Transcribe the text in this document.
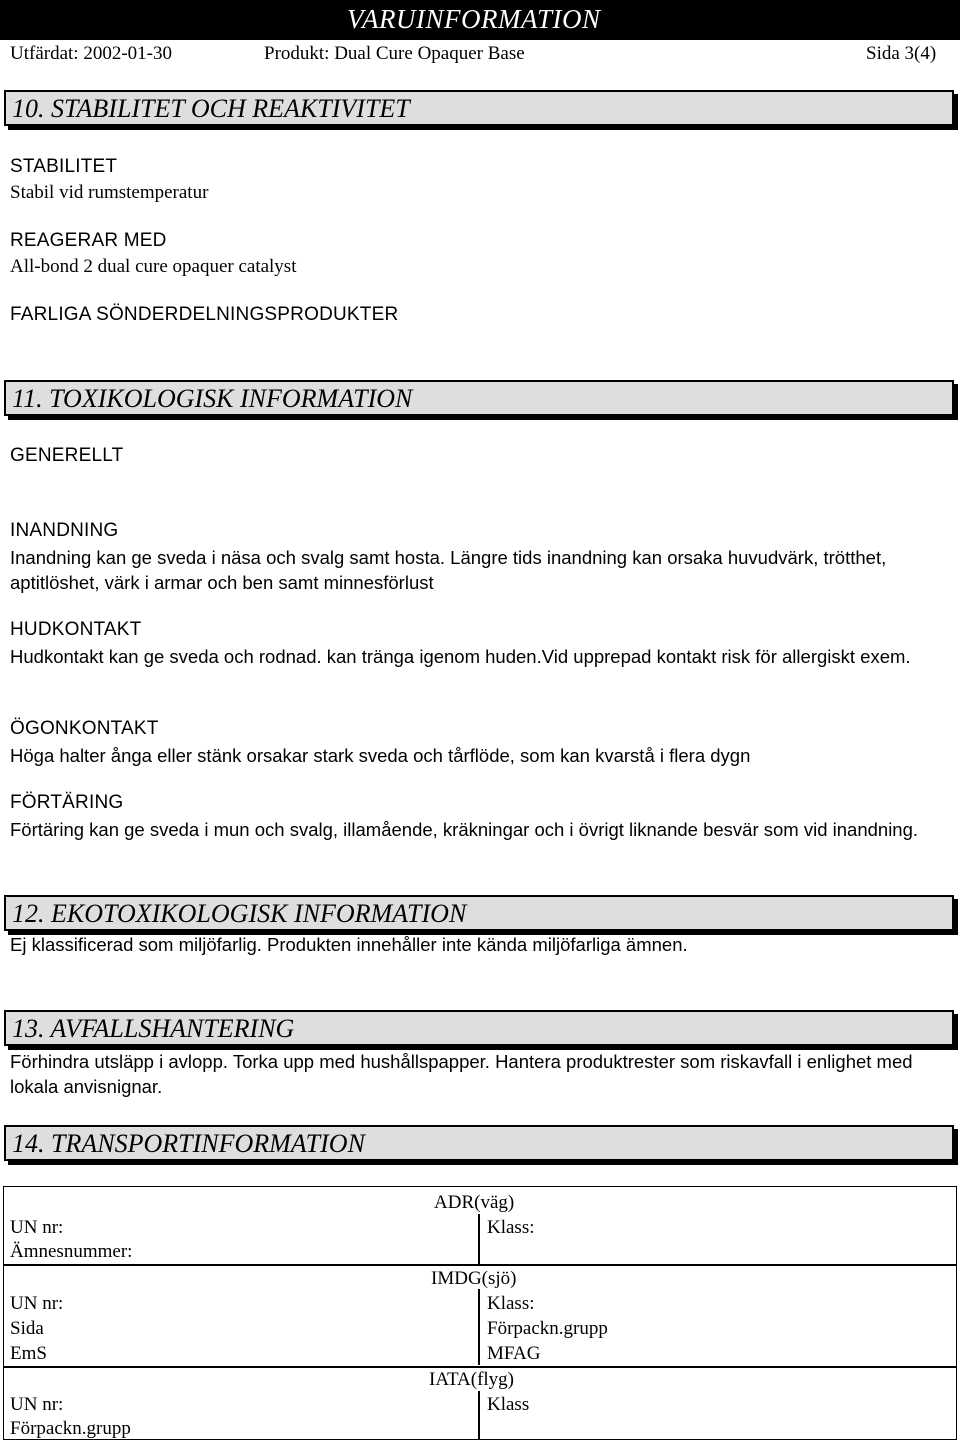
VARUINFORMATION
Utfärdat: 2002-01-30	Produkt: Dual Cure Opaquer Base	Sida 3(4)
10. STABILITET OCH REAKTIVITET
STABILITET
Stabil vid rumstemperatur
REAGERAR MED
All-bond 2 dual cure opaquer catalyst
FARLIGA SÖNDERDELNINGSPRODUKTER
11. TOXIKOLOGISK INFORMATION
GENERELLT
INANDNING
Inandning kan ge sveda i näsa och svalg samt hosta. Längre tids inandning kan orsaka huvudvärk, trötthet, aptitlöshet, värk i armar och ben samt minnesförlust
HUDKONTAKT
Hudkontakt kan ge sveda och rodnad. kan tränga igenom huden.Vid upprepad kontakt risk för allergiskt exem.
ÖGONKONTAKT
Höga halter ånga eller stänk orsakar stark sveda och tårflöde, som kan kvarstå i flera dygn
FÖRTÄRING
Förtäring kan ge sveda i mun och svalg, illamående, kräkningar och i övrigt liknande besvär som vid inandning.
12. EKOTOXIKOLOGISK INFORMATION
Ej klassificerad som miljöfarlig. Produkten innehåller inte kända miljöfarliga ämnen.
13. AVFALLSHANTERING
Förhindra utsläpp i avlopp. Torka upp med hushållspapper. Hantera produktrester som riskavfall i enlighet med lokala anvisnignar.
14. TRANSPORTINFORMATION
ADR(väg)
UN nr:
Ämnesnummer:
Klass:
IMDG(sjö)
UN nr:
Sida
EmS
Klass:
Förpackn.grupp
MFAG
IATA(flyg)
UN nr:
Förpackn.grupp
Klass
